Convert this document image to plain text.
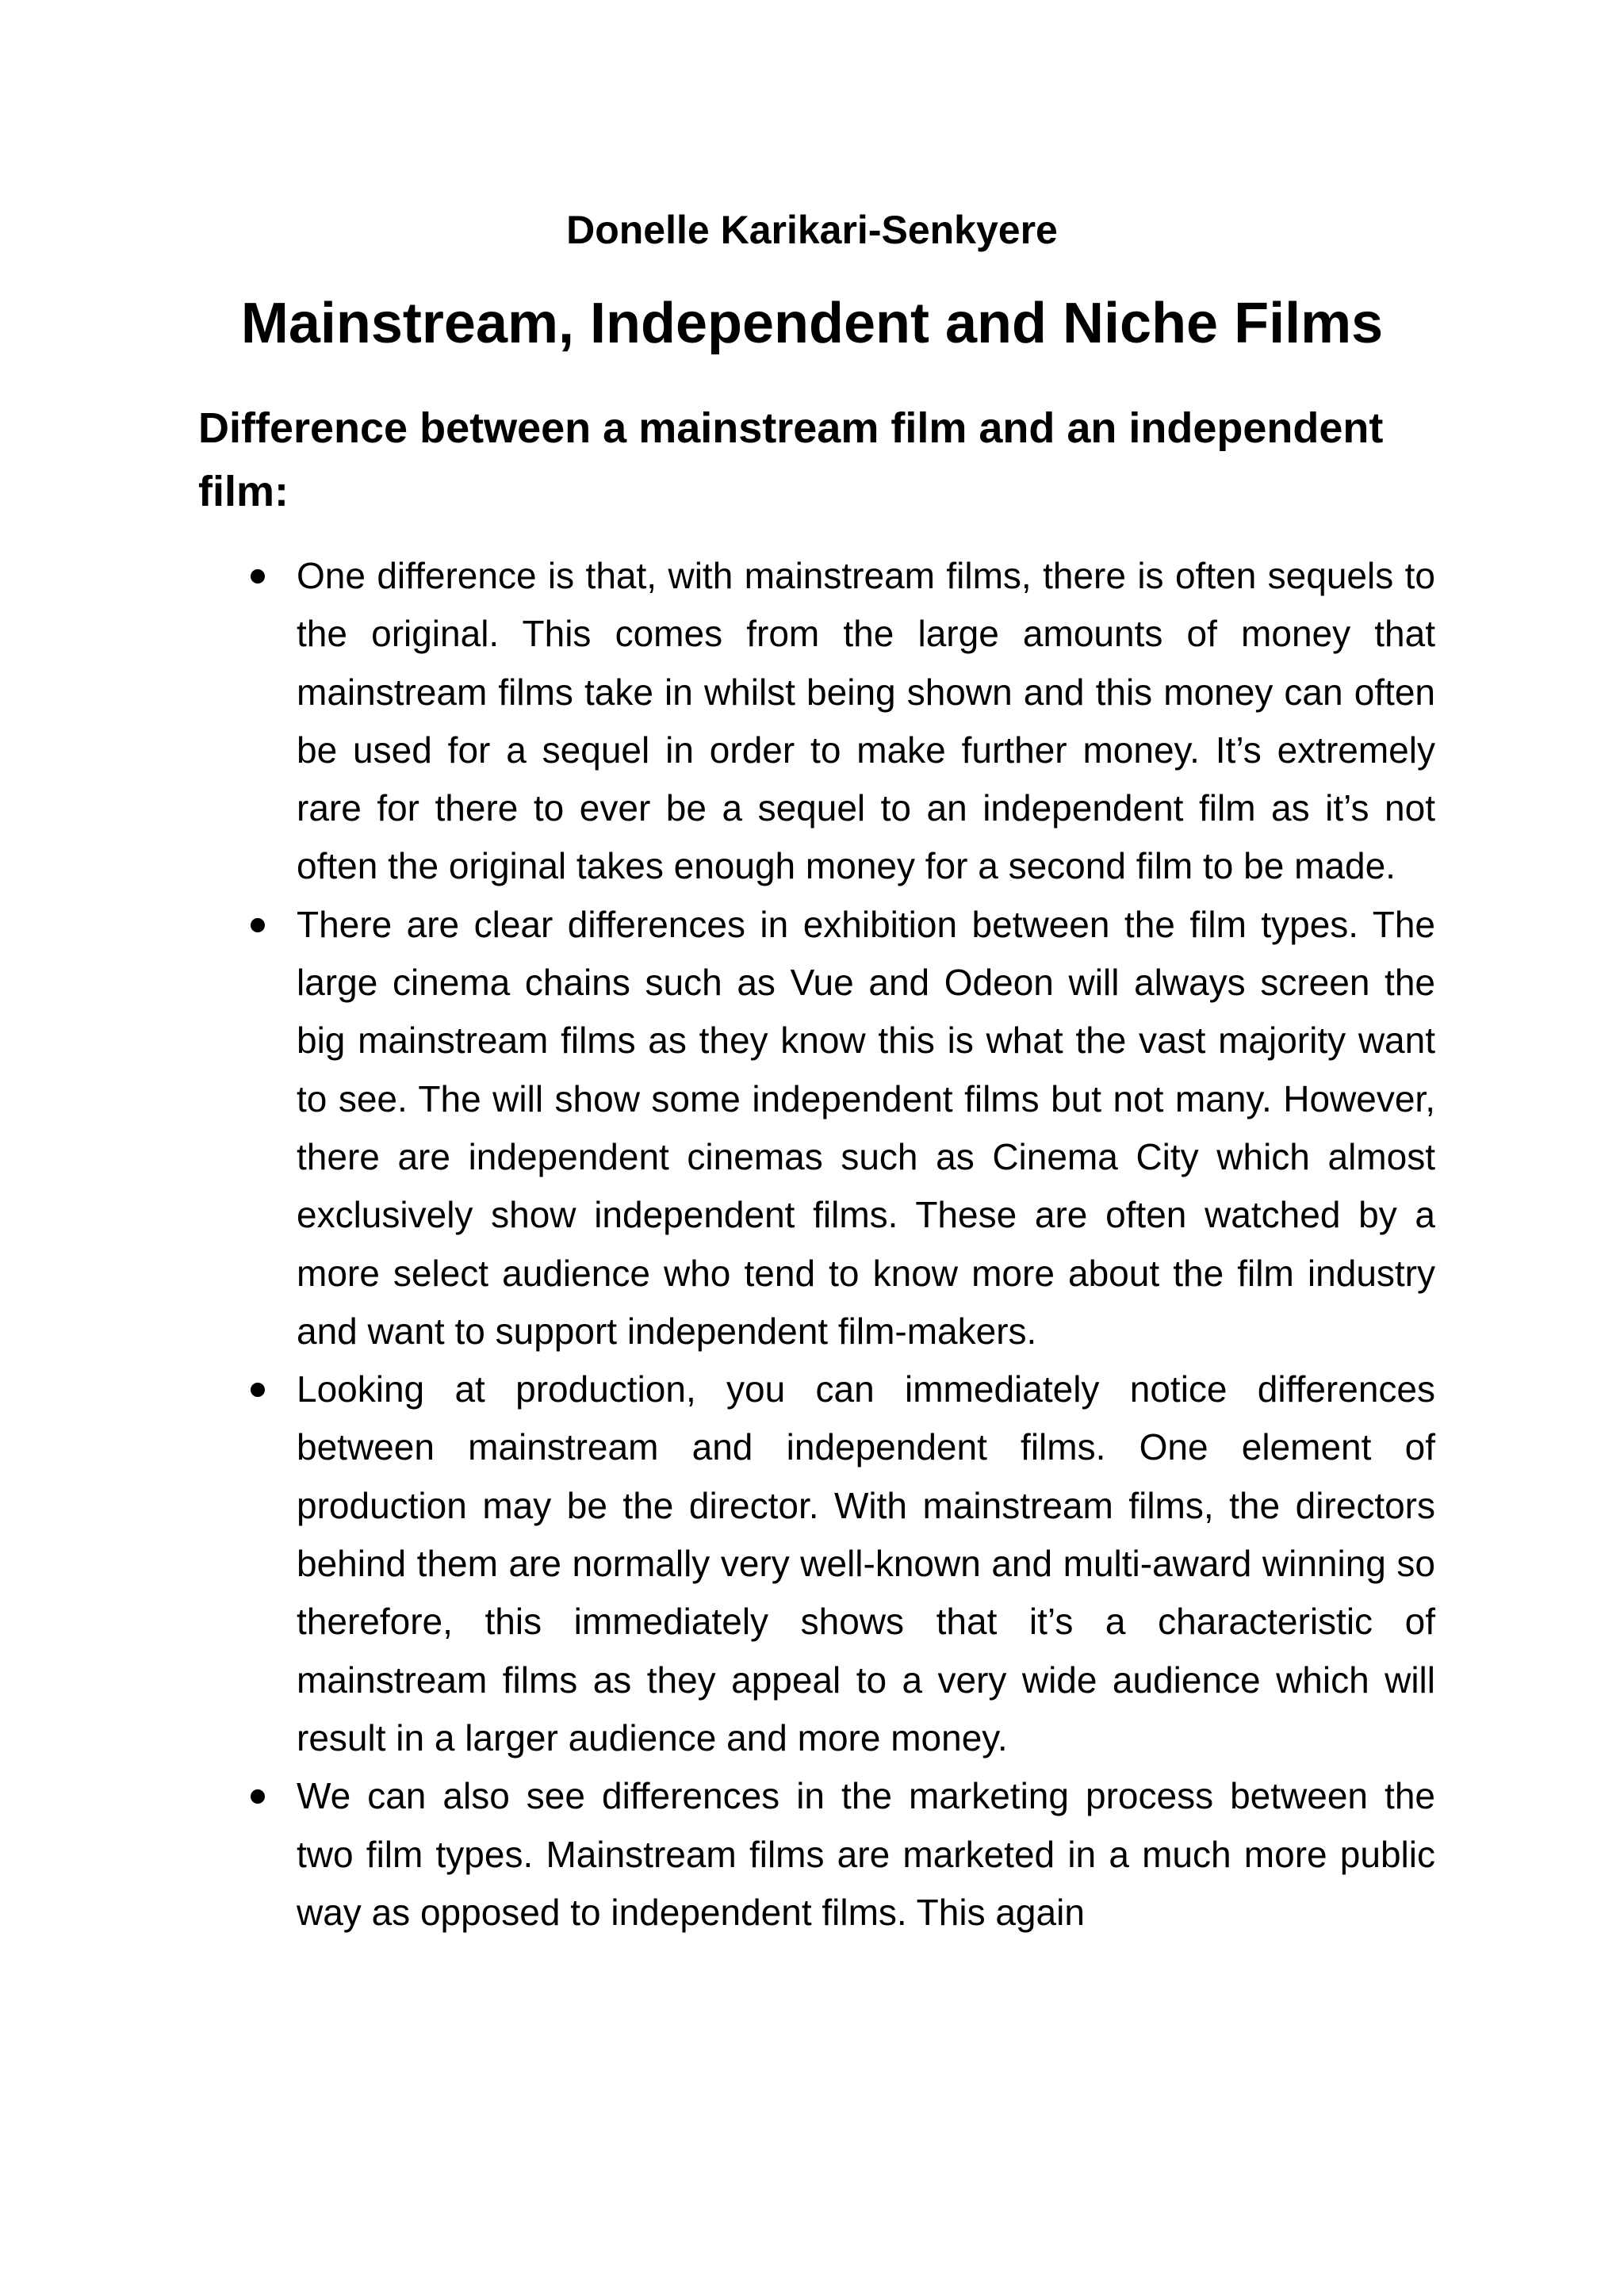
Donelle Karikari-Senkyere
Mainstream, Independent and Niche Films
Difference between a mainstream film and an independent film:
One difference is that, with mainstream films, there is often sequels to the original. This comes from the large amounts of money that mainstream films take in whilst being shown and this money can often be used for a sequel in order to make further money. It’s extremely rare for there to ever be a sequel to an independent film as it’s not often the original takes enough money for a second film to be made.
There are clear differences in exhibition between the film types. The large cinema chains such as Vue and Odeon will always screen the big mainstream films as they know this is what the vast majority want to see. The will show some independent films but not many. However, there are independent cinemas such as Cinema City which almost exclusively show independent films. These are often watched by a more select audience who tend to know more about the film industry and want to support independent film-makers.
Looking at production, you can immediately notice differences between mainstream and independent films. One element of production may be the director. With mainstream films, the directors behind them are normally very well-known and multi-award winning so therefore, this immediately shows that it’s a characteristic of mainstream films as they appeal to a very wide audience which will result in a larger audience and more money.
We can also see differences in the marketing process between the two film types. Mainstream films are marketed in a much more public way as opposed to independent films. This again
